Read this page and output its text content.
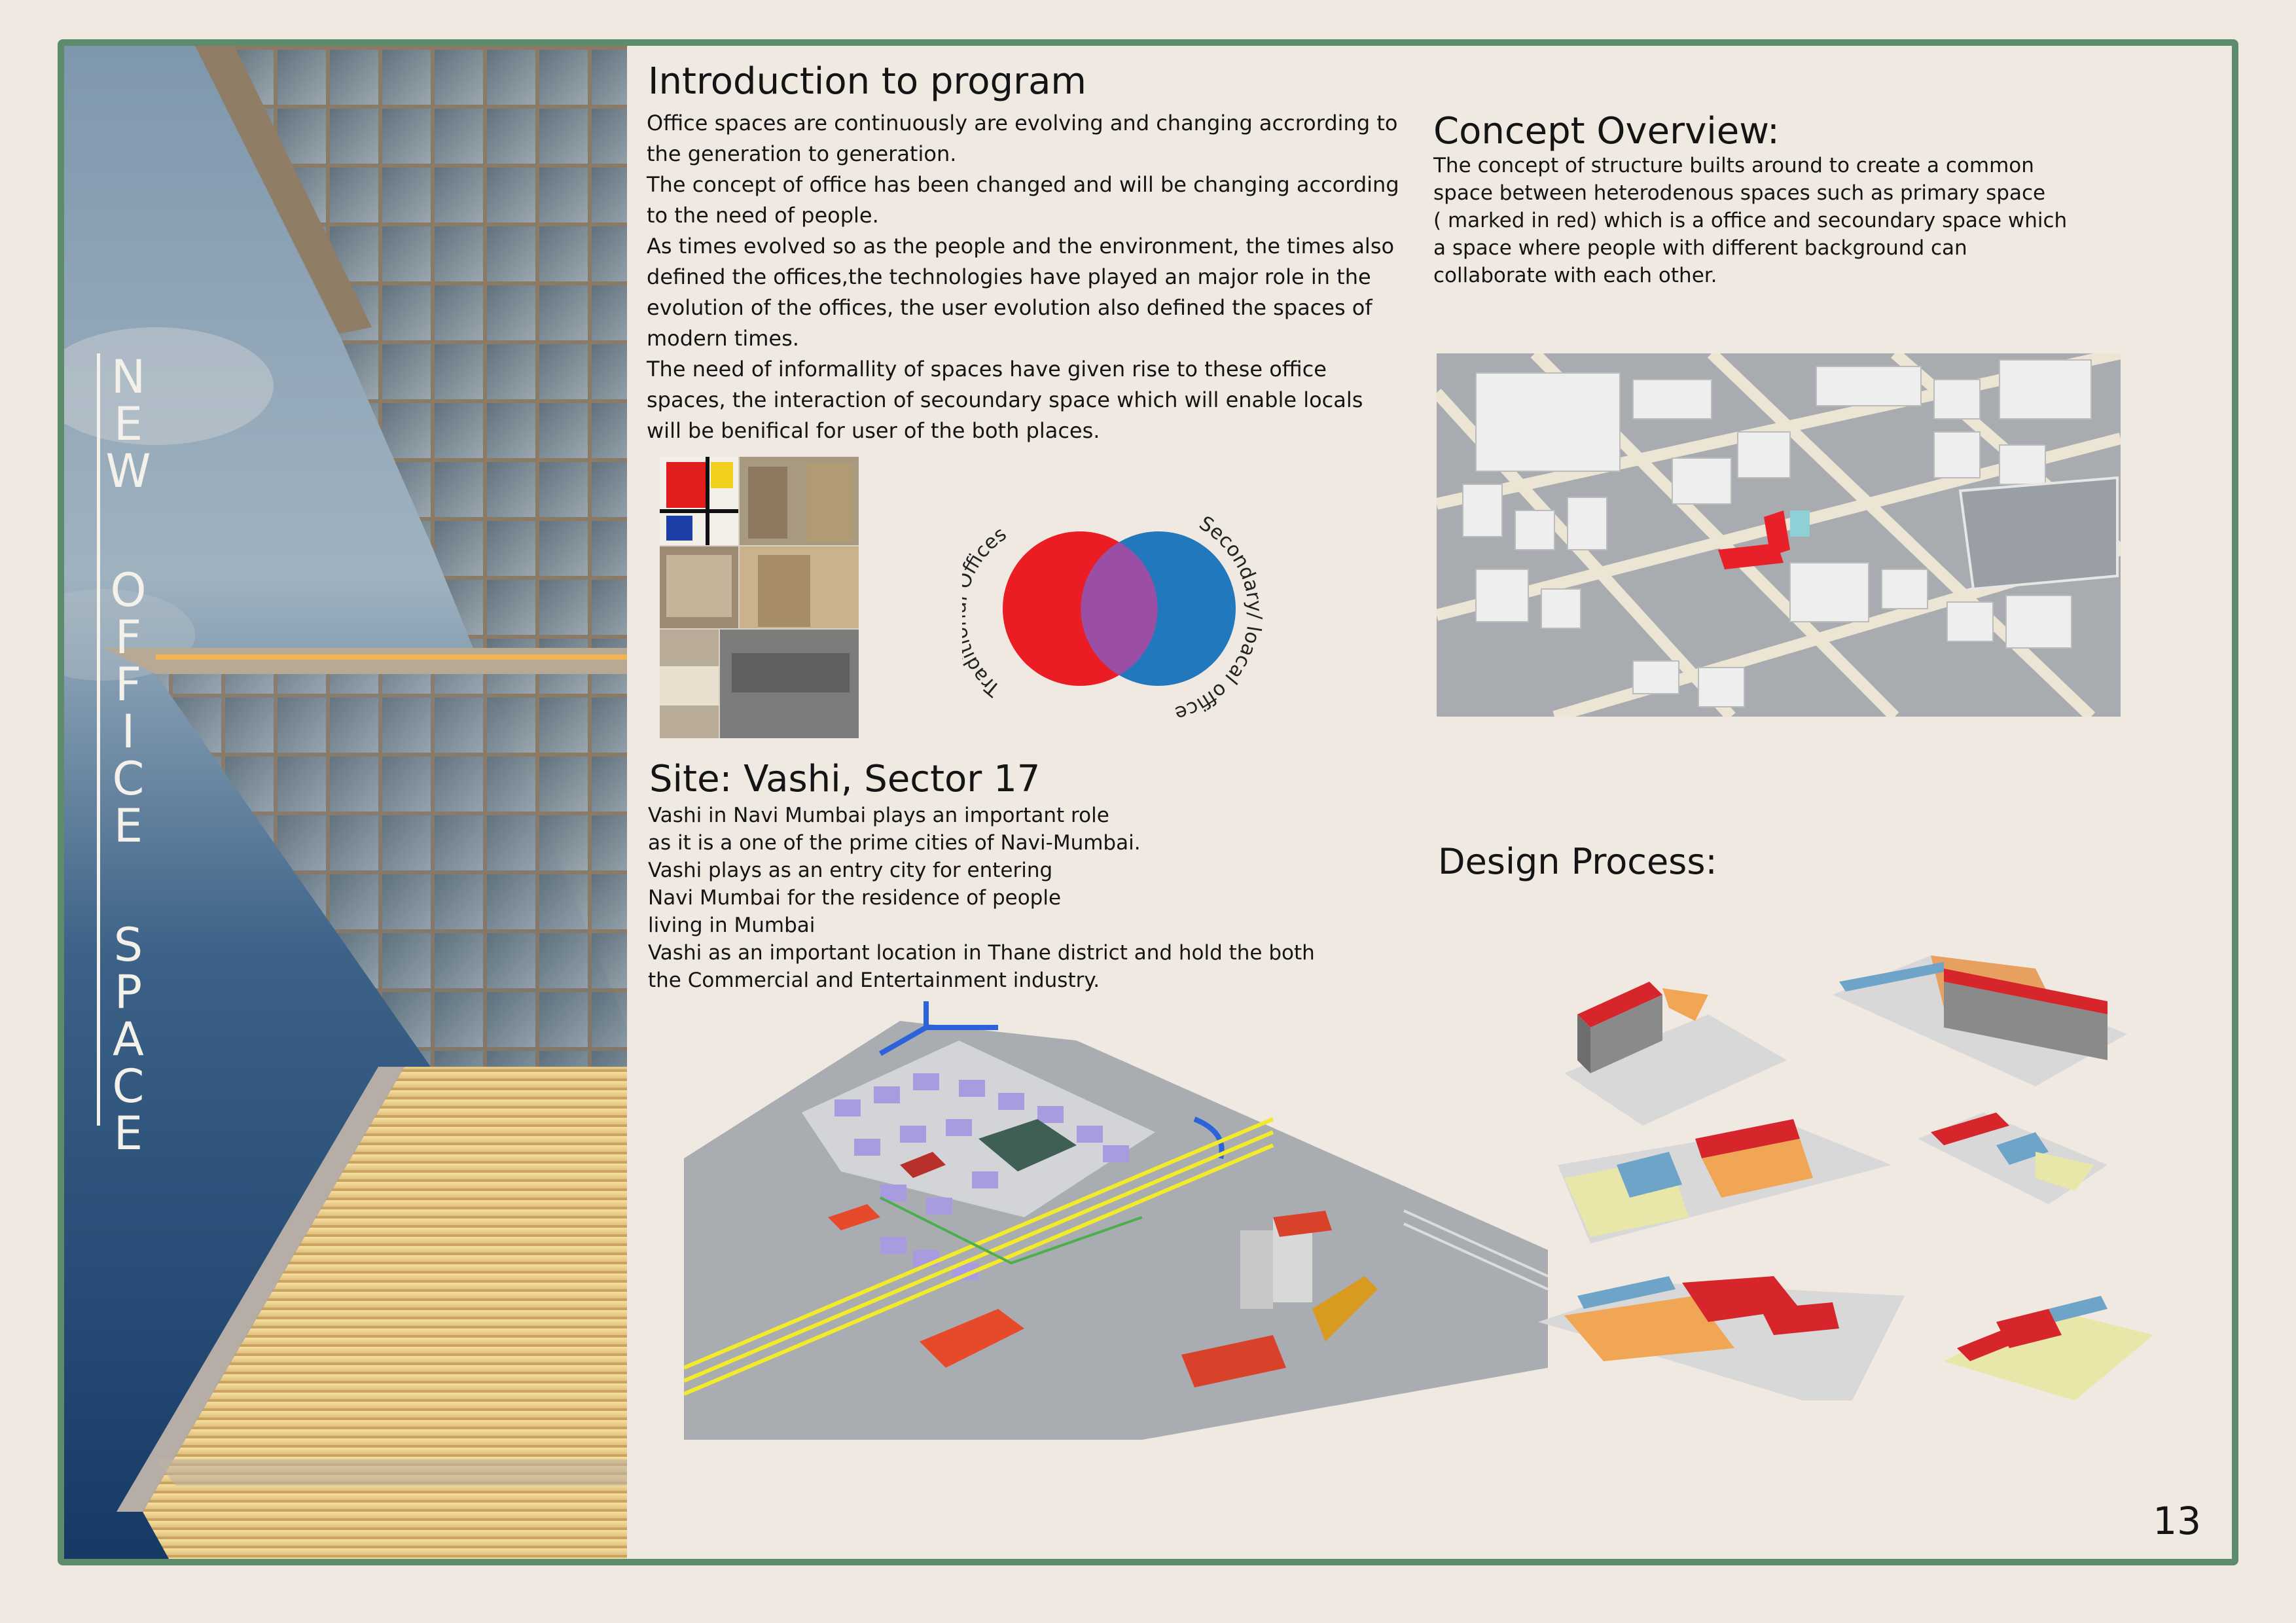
N
E
W
O
F
F
I
C
E
S
P
A
C
E
Introduction to program
Office spaces are continuously are evolving and changing accrording to
the generation to generation.
The concept of office has been changed and will be changing according
to the need of people.
As times evolved so as the people and the environment, the times also
defined the offices,the technologies have played an major role in the
evolution of the offices, the user evolution also defined the spaces of
modern times.
The need of informallity of spaces have given rise to these office
spaces, the interaction of secoundary space which will enable locals
will be benifical for user of the both places.
Trad Offices	Secondary/ loacal offices
Site: Vashi, Sector 17
Vashi in Navi Mumbai plays an important role
as it is a one of the prime cities of Navi-Mumbai.
Vashi plays as an entry city for entering
Navi Mumbai for the residence of people
living in Mumbai
Vashi as an important location in Thane district and hold the both
the Commercial and Entertainment industry.
Concept Overview:
The concept of structure builts around to create a common
space between heterodenous spaces such as primary space
( marked in red) which is a office and secoundary space which
a space where people with different background can
collaborate with each other.
Design Process:
13
